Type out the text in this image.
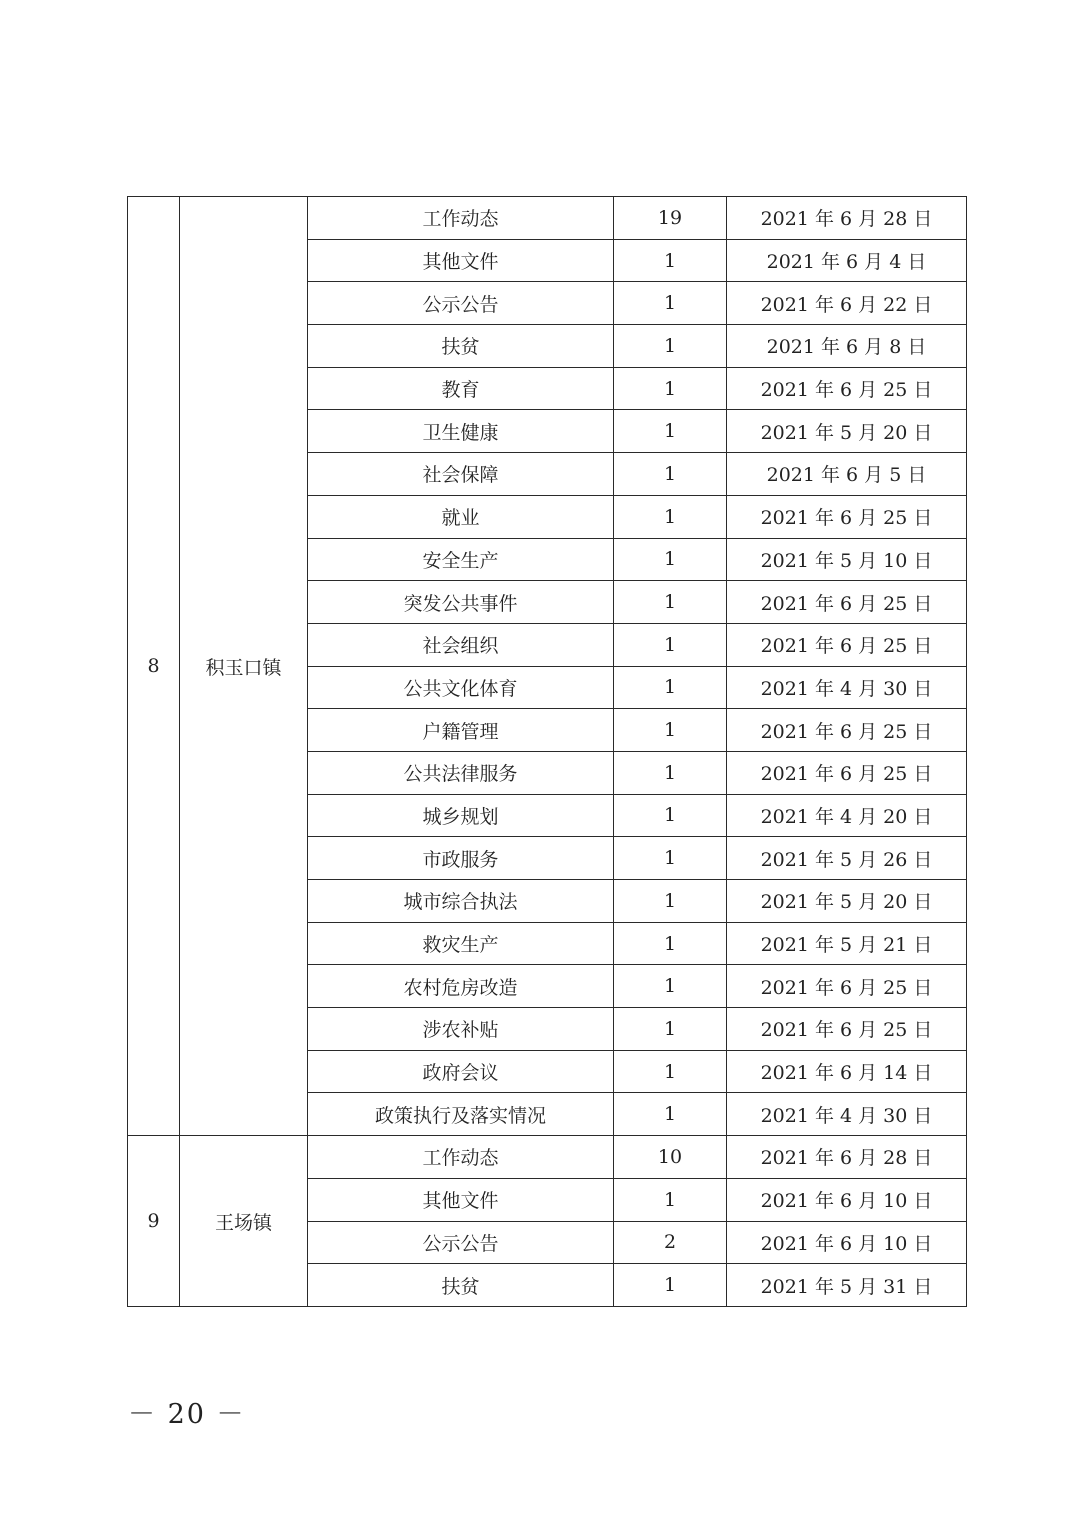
8	积玉口镇	工作动态	19	2021 年 6 月 28 日
		其他文件	1	2021 年 6 月 4 日
		公示公告	1	2021 年 6 月 22 日
		扶贫	1	2021 年 6 月 8 日
		教育	1	2021 年 6 月 25 日
		卫生健康	1	2021 年 5 月 20 日
		社会保障	1	2021 年 6 月 5 日
		就业	1	2021 年 6 月 25 日
		安全生产	1	2021 年 5 月 10 日
		突发公共事件	1	2021 年 6 月 25 日
		社会组织	1	2021 年 6 月 25 日
		公共文化体育	1	2021 年 4 月 30 日
		户籍管理	1	2021 年 6 月 25 日
		公共法律服务	1	2021 年 6 月 25 日
		城乡规划	1	2021 年 4 月 20 日
		市政服务	1	2021 年 5 月 26 日
		城市综合执法	1	2021 年 5 月 20 日
		救灾生产	1	2021 年 5 月 21 日
		农村危房改造	1	2021 年 6 月 25 日
		涉农补贴	1	2021 年 6 月 25 日
		政府会议	1	2021 年 6 月 14 日
		政策执行及落实情况	1	2021 年 4 月 30 日
9	王场镇	工作动态	10	2021 年 6 月 28 日
		其他文件	1	2021 年 6 月 10 日
		公示公告	2	2021 年 6 月 10 日
		扶贫	1	2021 年 5 月 31 日
－ 20 －
